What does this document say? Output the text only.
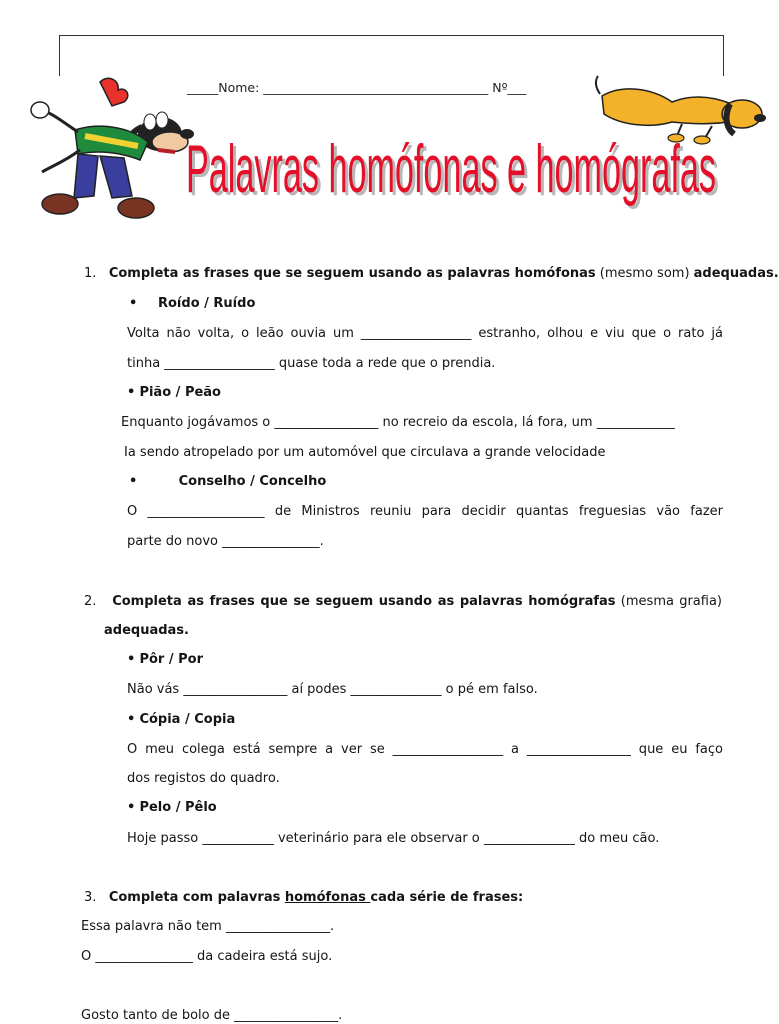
_____Nome: ____________________________________ Nº___
Palavras homófonas e homógrafas
Palavras homófonas e homógrafas
1. Completa as frases que se seguem usando as palavras homófonas (mesmo som) adequadas.
• Roído / Ruído
Volta não volta, o leão ouvia um _________________ estranho, olhou e viu que o rato já
tinha _________________ quase toda a rede que o prendia.
• Pião / Peão
Enquanto jogávamos o ________________ no recreio da escola, lá fora, um ____________
Ia sendo atropelado por um automóvel que circulava a grande velocidade
•	Conselho / Concelho
O __________________ de Ministros reuniu para decidir quantas freguesias vão fazer
parte do novo _______________.
2. Completa as frases que se seguem usando as palavras homógrafas (mesma grafia)
adequadas.
• Pôr / Por
Não vás ________________ aí podes ______________ o pé em falso.
• Cópia / Copia
O meu colega está sempre a ver se _________________ a ________________ que eu faço
dos registos do quadro.
• Pelo / Pêlo
Hoje passo ___________ veterinário para ele observar o ______________ do meu cão.
3. Completa com palavras homófonas cada série de frases:
Essa palavra não tem ________________.
O _______________ da cadeira está sujo.
Gosto tanto de bolo de ________________.
